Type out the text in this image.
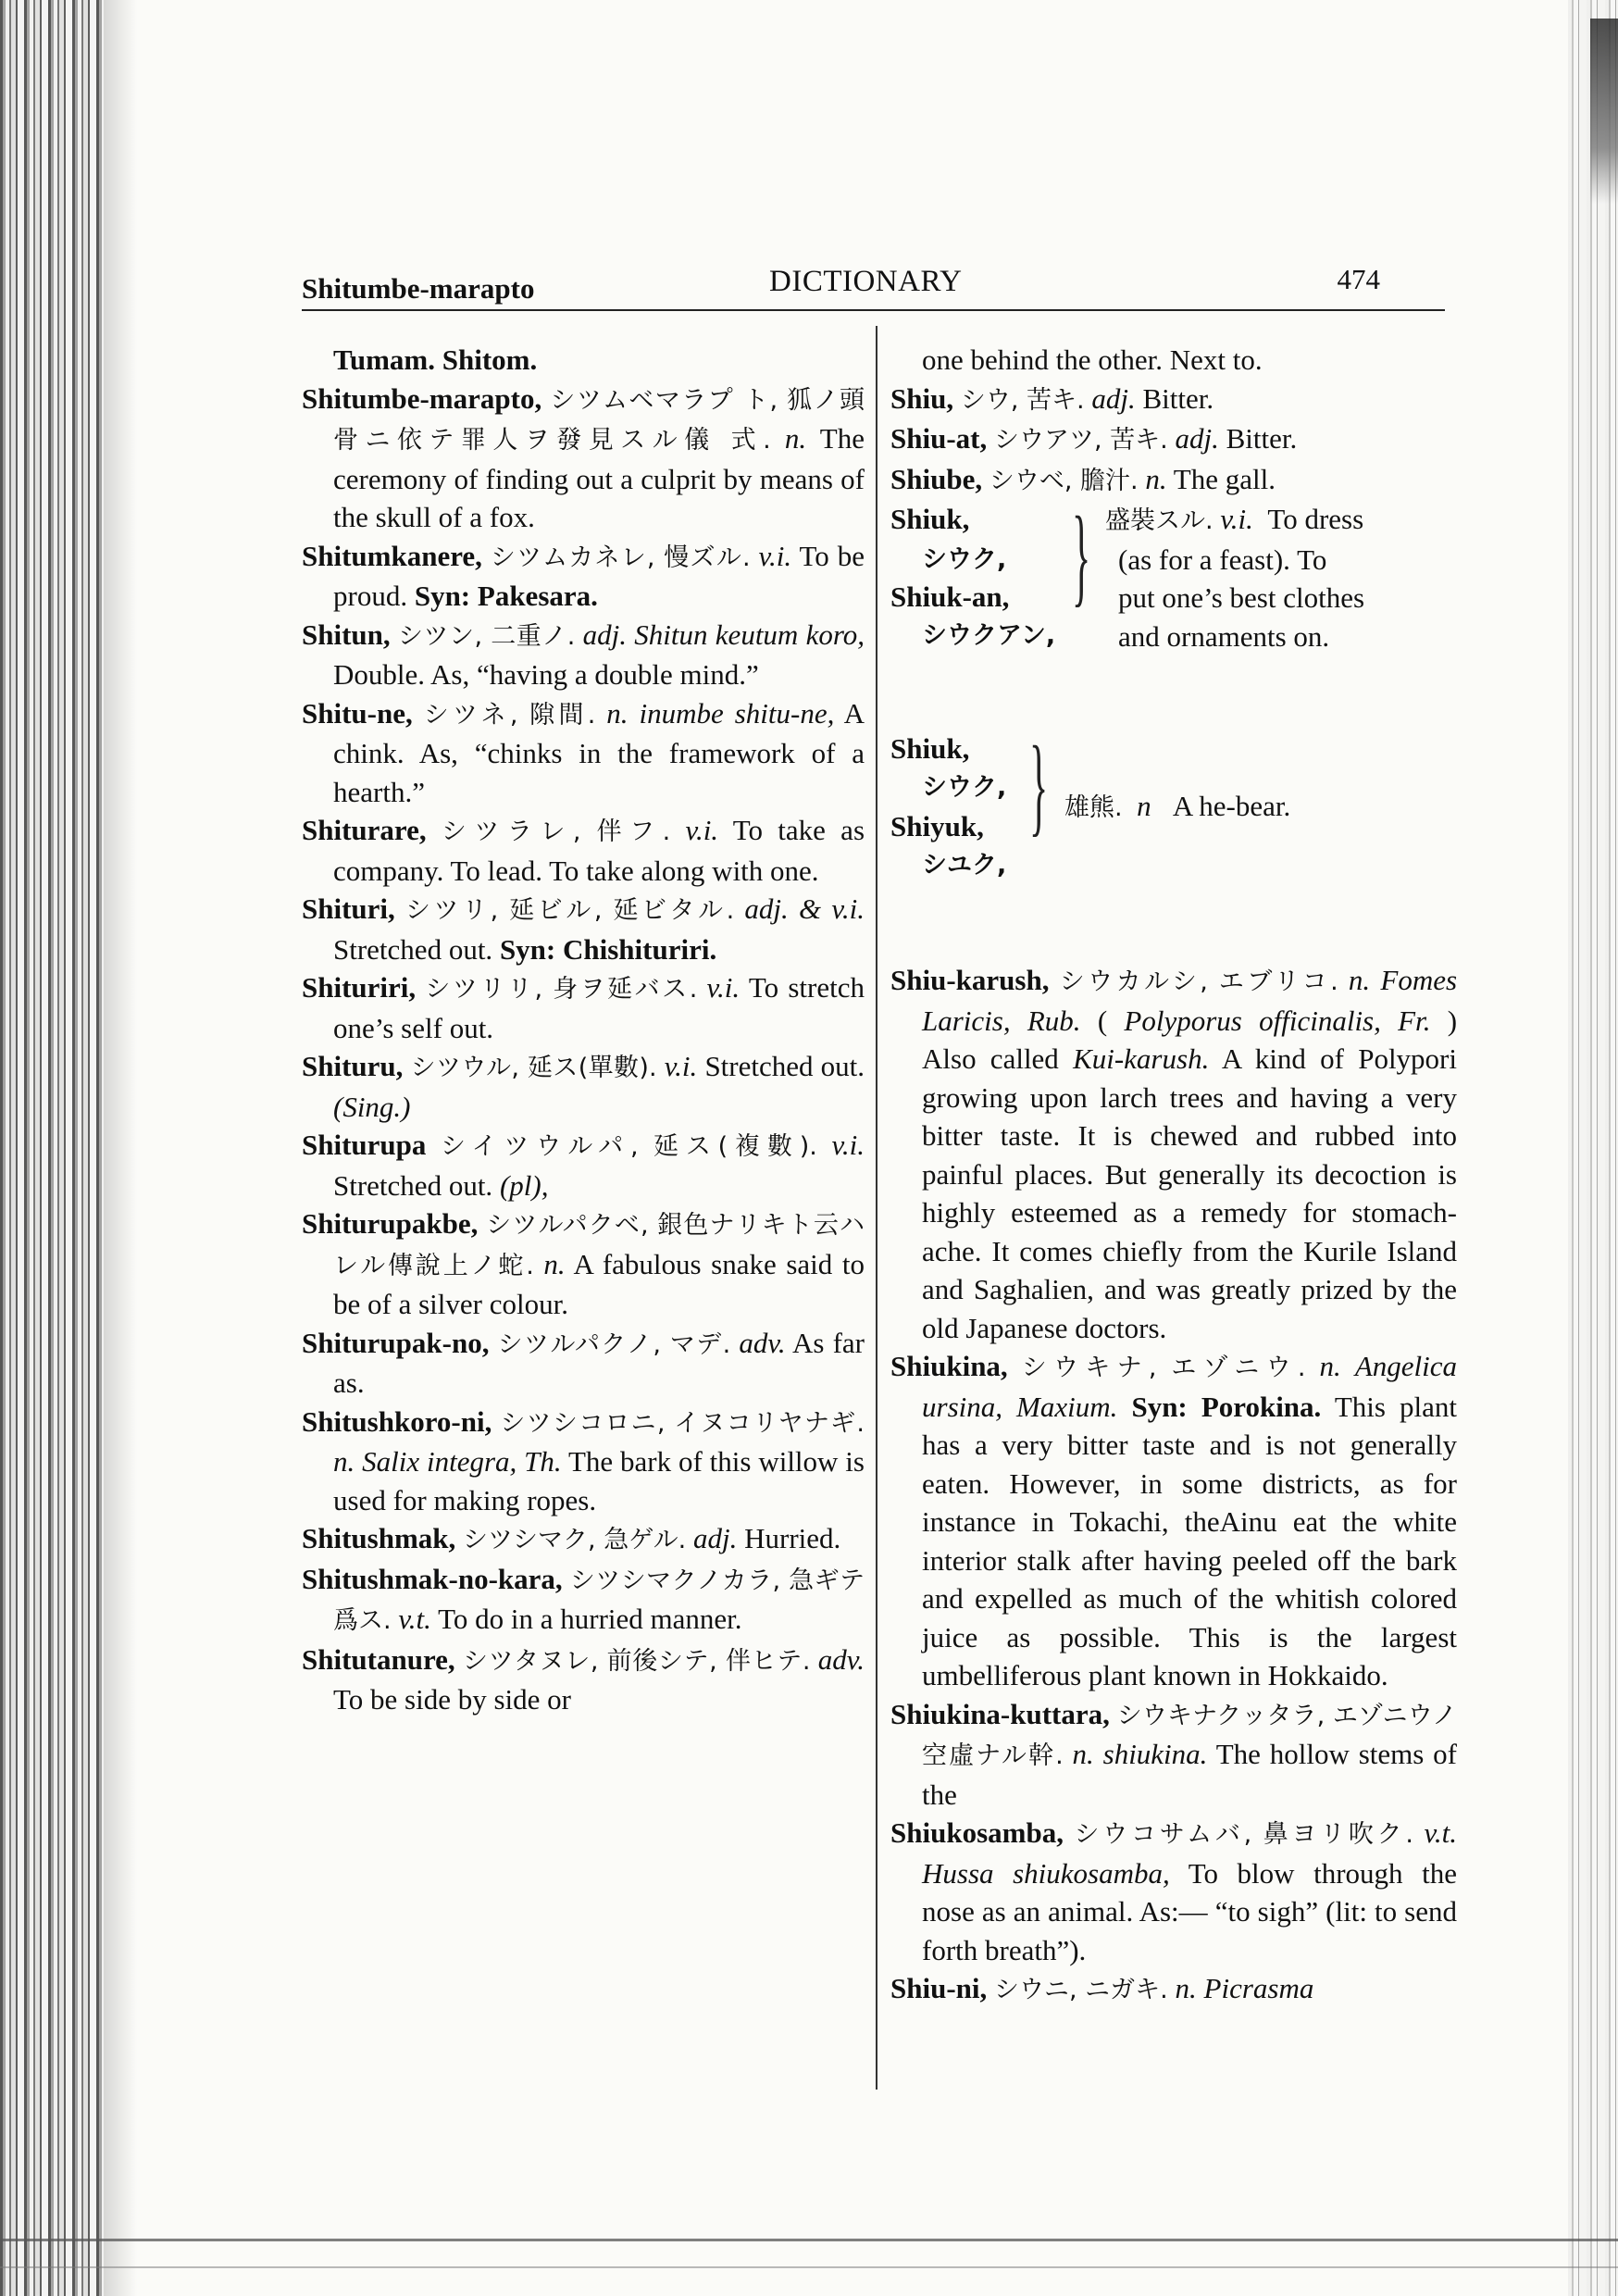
Shitumbe-marapto	DICTIONARY	474
Tumam. Shitom.
Shitumbe-marapto, シツムベマラプ ト, 狐ノ頭骨ニ依テ罪人ヲ發見スル儀 式. n. The ceremony of finding out a culprit by means of the skull of a fox.
Shitumkanere, シツムカネレ, 慢ズル. v.i. To be proud. Syn: Pakesara.
Shitun, シツン, 二重ノ. adj. Shitun keutum koro, Double. As, “having a double mind.”
Shitu-ne, シツネ, 隙間. n. inumbe shitu-ne, A chink. As, “chinks in the framework of a hearth.”
Shiturare, シツラレ, 伴フ. v.i. To take as company. To lead. To take along with one.
Shituri, シツリ, 延ビル, 延ビタル. adj. & v.i. Stretched out. Syn: Chishituriri.
Shituriri, シツリリ, 身ヲ延バス. v.i. To stretch one’s self out.
Shituru, シツウル, 延ス(單數). v.i. Stretched out. (Sing.)
Shiturupa シイツウルパ, 延ス(複數). v.i. Stretched out. (pl),
Shiturupakbe, シツルパクベ, 銀色ナリキト云ハレル傳說上ノ蛇. n. A fabulous snake said to be of a silver colour.
Shiturupak-no, シツルパクノ, マデ. adv. As far as.
Shitushkoro-ni, シツシコロニ, イヌコリヤナギ. n. Salix integra, Th. The bark of this willow is used for making ropes.
Shitushmak, シツシマク, 急ゲル. adj. Hurried.
Shitushmak-no-kara, シツシマクノカラ, 急ギテ爲ス. v.t. To do in a hurried manner.
Shitutanure, シツタヌレ, 前後シテ, 伴ヒテ. adv. To be side by side or
one behind the other. Next to.
Shiu, シウ, 苦キ. adj. Bitter.
Shiu-at, シウアツ, 苦キ. adj. Bitter.
Shiube, シウベ, 膽汁. n. The gall.
Shiuk,
シウク,
Shiuk-an,
シウクアン,
} 盛裝スル. v.i. To dress
(as for a feast). To
put one’s best clothes
and ornaments on.
Shiuk,
シウク,
Shiyuk,
シユク,
} 雄熊. n A he-bear.
Shiu-karush, シウカルシ, エブリコ. n. Fomes Laricis, Rub. ( Polyporus officinalis, Fr. ) Also called Kui-karush. A kind of Polypori growing upon larch trees and having a very bitter taste. It is chewed and rubbed into painful places. But generally its decoction is highly esteemed as a remedy for stomach-ache. It comes chiefly from the Kurile Island and Saghalien, and was greatly prized by the old Japanese doctors.
Shiukina, シウキナ, エゾニウ. n. Angelica ursina, Maxium. Syn: Porokina. This plant has a very bitter taste and is not generally eaten. However, in some districts, as for instance in Tokachi, theAinu eat the white interior stalk after having peeled off the bark and expelled as much of the whitish colored juice as possible. This is the largest umbelliferous plant known in Hokkaido.
Shiukina-kuttara, シウキナクッタラ, エゾニウノ空虛ナル幹. n. shiukina. The hollow stems of the
Shiukosamba, シウコサムバ, 鼻ヨリ吹ク. v.t. Hussa shiukosamba, To blow through the nose as an animal. As:— “to sigh” (lit: to send forth breath”).
Shiu-ni, シウニ, ニガキ. n. Picrasma
